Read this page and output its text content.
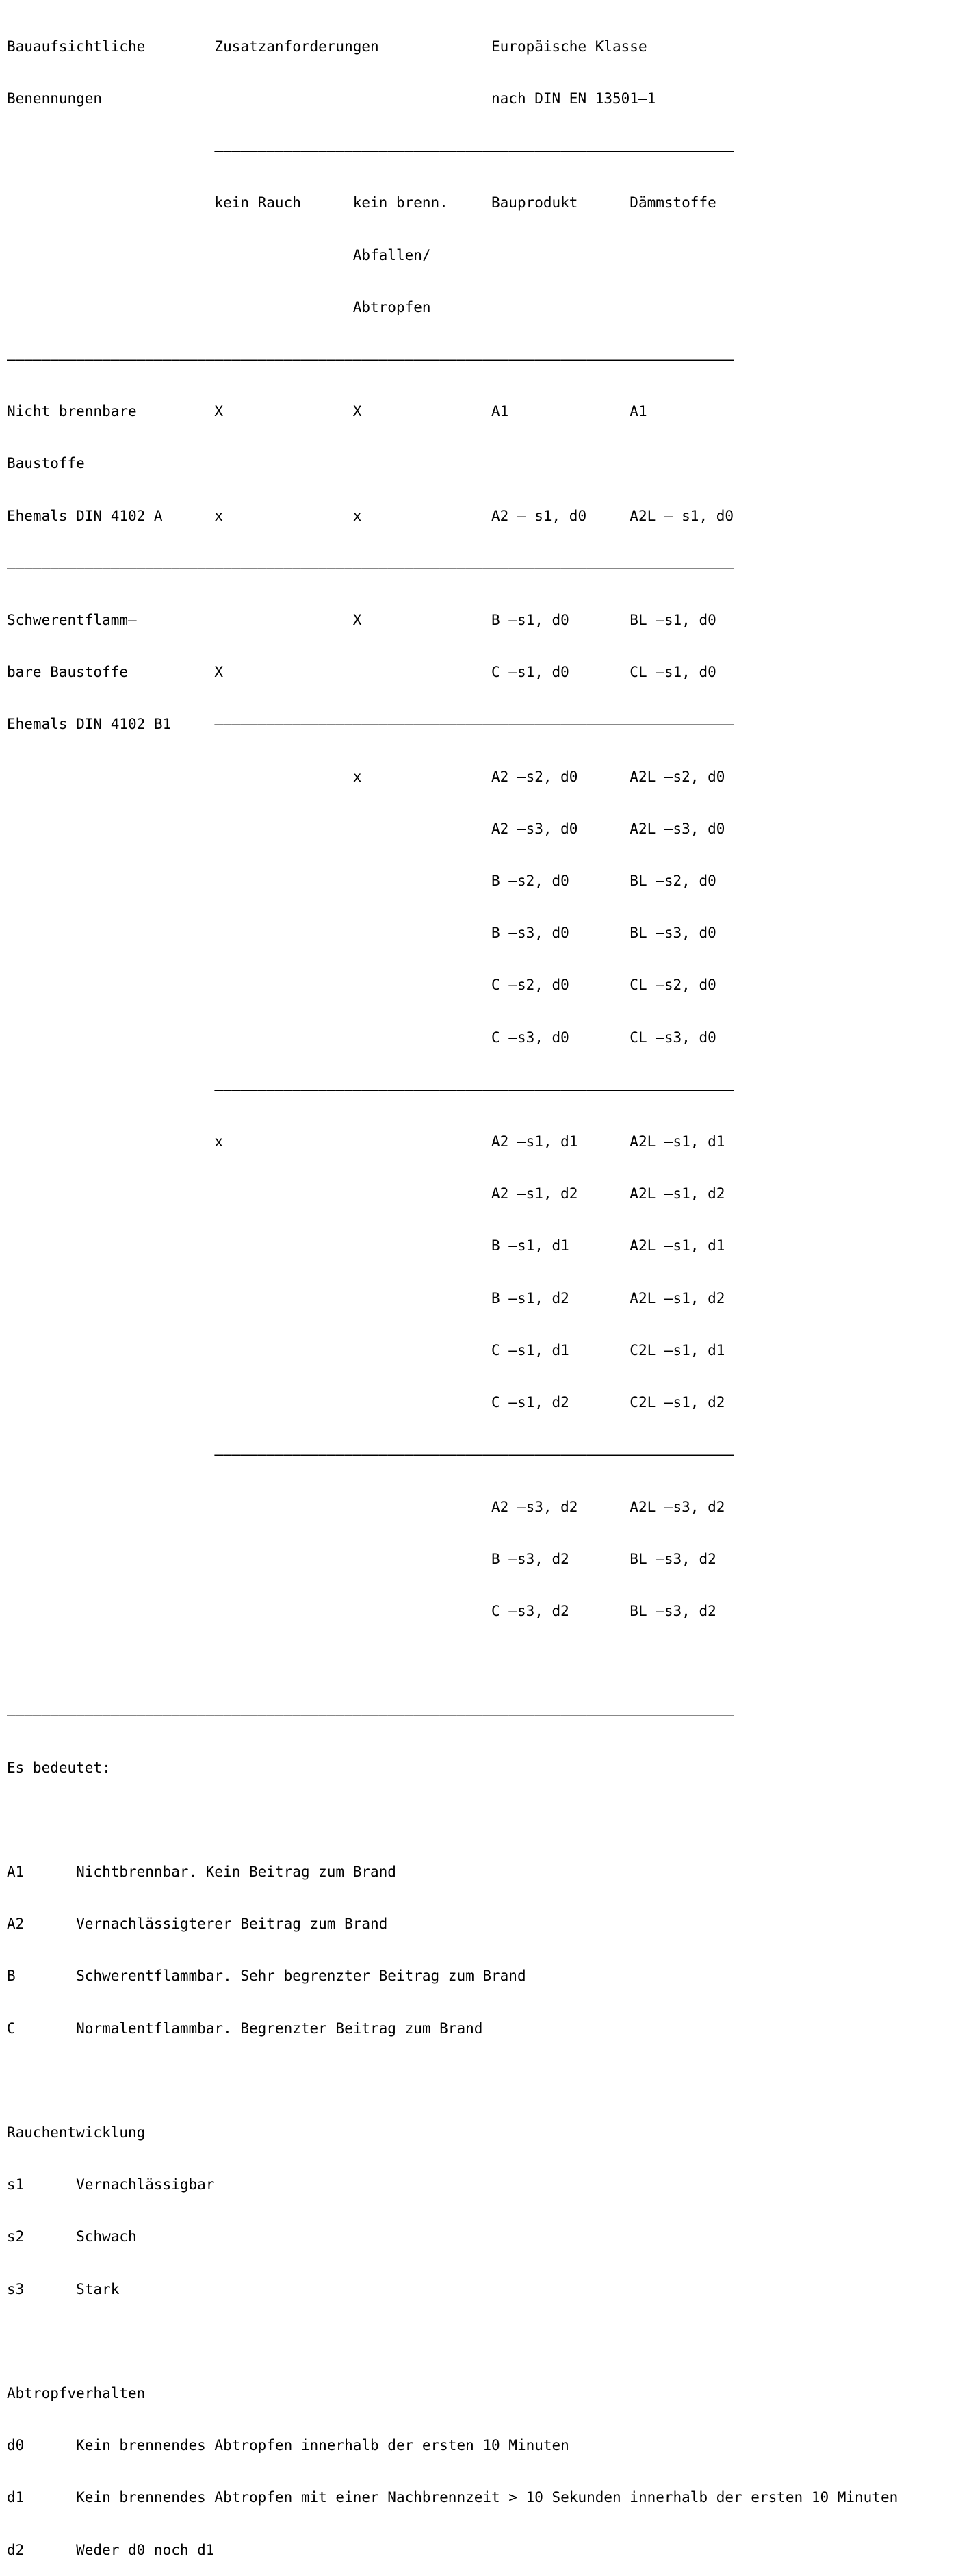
Bauaufsichtliche        Zusatzanforderungen             Europäische Klasse

Benennungen                                             nach DIN EN 13501–1

––––––––––––––––––––––––––––––––––––––––––––––––––––––––––––

kein Rauch      kein brenn.     Bauprodukt      Dämmstoffe

Abfallen/

Abtropfen

––––––––––––––––––––––––––––––––––––––––––––––––––––––––––––––––––––––––––––––––––––

Nicht brennbare         X               X               A1              A1

Baustoffe

Ehemals DIN 4102 A      x               x               A2 – s1, d0     A2L – s1, d0

––––––––––––––––––––––––––––––––––––––––––––––––––––––––––––––––––––––––––––––––––––

Schwerentflamm–                         X               B –s1, d0       BL –s1, d0

bare Baustoffe          X                               C –s1, d0       CL –s1, d0

Ehemals DIN 4102 B1     ––––––––––––––––––––––––––––––––––––––––––––––––––––––––––––

x               A2 –s2, d0      A2L –s2, d0

A2 –s3, d0      A2L –s3, d0

B –s2, d0       BL –s2, d0

B –s3, d0       BL –s3, d0

C –s2, d0       CL –s2, d0

C –s3, d0       CL –s3, d0

––––––––––––––––––––––––––––––––––––––––––––––––––––––––––––

x                               A2 –s1, d1      A2L –s1, d1

A2 –s1, d2      A2L –s1, d2

B –s1, d1       A2L –s1, d1

B –s1, d2       A2L –s1, d2

C –s1, d1       C2L –s1, d1

C –s1, d2       C2L –s1, d2

––––––––––––––––––––––––––––––––––––––––––––––––––––––––––––

A2 –s3, d2      A2L –s3, d2

B –s3, d2       BL –s3, d2

C –s3, d2       BL –s3, d2

––––––––––––––––––––––––––––––––––––––––––––––––––––––––––––––––––––––––––––––––––––

Es bedeutet:

A1      Nichtbrennbar. Kein Beitrag zum Brand

A2      Vernachlässigterer Beitrag zum Brand

B       Schwerentflammbar. Sehr begrenzter Beitrag zum Brand

C       Normalentflammbar. Begrenzter Beitrag zum Brand

Rauchentwicklung

s1      Vernachlässigbar

s2      Schwach

s3      Stark

Abtropfverhalten

d0      Kein brennendes Abtropfen innerhalb der ersten 10 Minuten

d1      Kein brennendes Abtropfen mit einer Nachbrennzeit > 10 Sekunden innerhalb der ersten 10 Minuten

d2      Weder d0 noch d1
